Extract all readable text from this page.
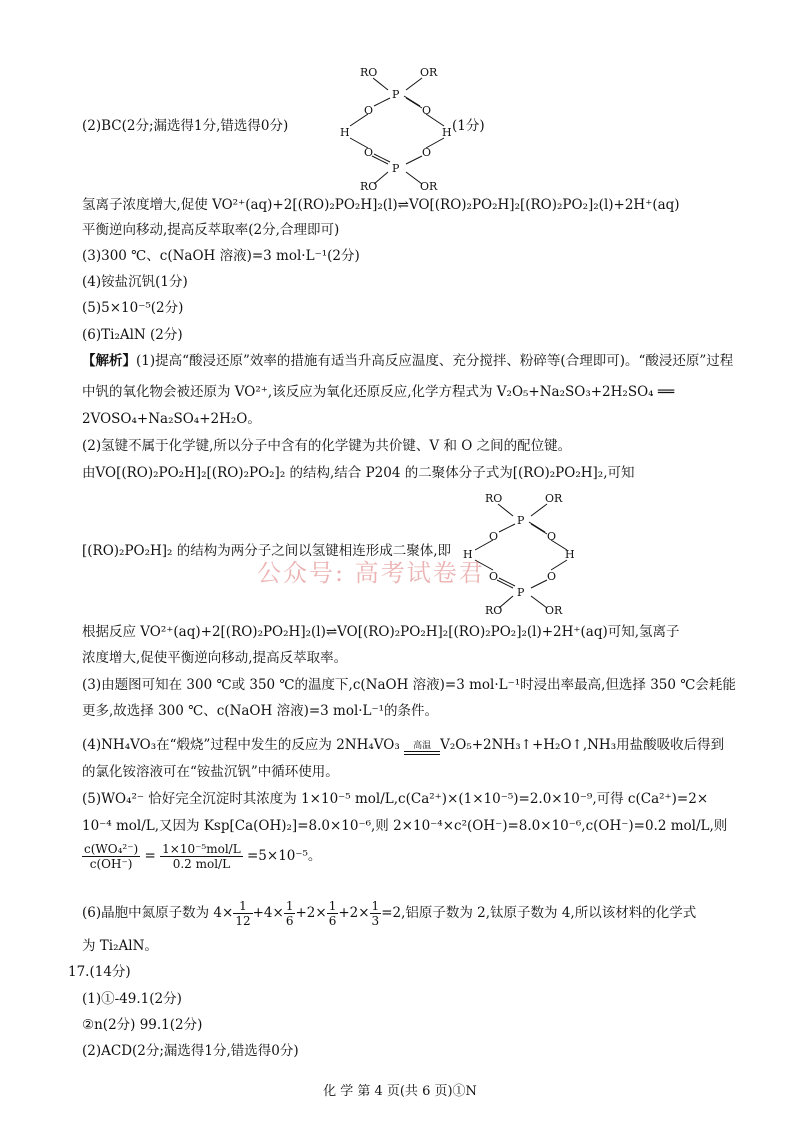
RO	OR
P
O	O
H	H
O	O
P
RO	OR
(2)BC(2分;漏选得1分,错选得0分)	(1分)
氢离子浓度增大,促使 VO²⁺(aq)+2[(RO)₂PO₂H]₂(l)⇌VO[(RO)₂PO₂H]₂[(RO)₂PO₂]₂(l)+2H⁺(aq)
平衡逆向移动,提高反萃取率(2分,合理即可)
(3)300 ℃、c(NaOH 溶液)=3 mol·L⁻¹(2分)
(4)铵盐沉钒(1分)
(5)5×10⁻⁵(2分)
(6)Ti₂AlN (2分)
【解析】(1)提高“酸浸还原”效率的措施有适当升高反应温度、充分搅拌、粉碎等(合理即可)。“酸浸还原”过程
中钒的氧化物会被还原为 VO²⁺,该反应为氧化还原反应,化学方程式为 V₂O₅+Na₂SO₃+2H₂SO₄ ══
2VOSO₄+Na₂SO₄+2H₂O。
(2)氢键不属于化学键,所以分子中含有的化学键为共价键、V 和 O 之间的配位键。
由VO[(RO)₂PO₂H]₂[(RO)₂PO₂]₂ 的结构,结合 P204 的二聚体分子式为[(RO)₂PO₂H]₂,可知
RO	OR
P
O	O
H	H
O	O
P
RO	OR
[(RO)₂PO₂H]₂ 的结构为两分子之间以氢键相连形成二聚体,即
公众号: 高考试卷君
根据反应 VO²⁺(aq)+2[(RO)₂PO₂H]₂(l)⇌VO[(RO)₂PO₂H]₂[(RO)₂PO₂]₂(l)+2H⁺(aq)可知,氢离子
浓度增大,促使平衡逆向移动,提高反萃取率。
(3)由题图可知在 300 ℃或 350 ℃的温度下,c(NaOH 溶液)=3 mol·L⁻¹时浸出率最高,但选择 350 ℃会耗能
更多,故选择 300 ℃、c(NaOH 溶液)=3 mol·L⁻¹的条件。
(4)NH₄VO₃在“煅烧”过程中发生的反应为 2NH₄VO₃	高温 V₂O₅+2NH₃↑+H₂O↑,NH₃用盐酸吸收后得到
的氯化铵溶液可在“铵盐沉钒”中循环使用。
(5)WO₄²⁻ 恰好完全沉淀时其浓度为 1×10⁻⁵ mol/L,c(Ca²⁺)×(1×10⁻⁵)=2.0×10⁻⁹,可得 c(Ca²⁺)=2×
10⁻⁴ mol/L,又因为 Ksp[Ca(OH)₂]=8.0×10⁻⁶,则 2×10⁻⁴×c²(OH⁻)=8.0×10⁻⁶,c(OH⁻)=0.2 mol/L,则
$\frac{\text{c(WO₄²⁻)}}{c(OH^-)} = \frac{\text{1×10⁻⁵mol/L}}{\text{0.2 mol/L}} =5\times 10^{-5}$。
(6)晶胞中氮原子数为 $4\times \frac{1}{12} +4\times \frac{1}{6} +2\times \frac{1}{6} +2\times \frac{1}{3} =2$,铝原子数为 2,钛原子数为 4,所以该材料的化学式
为 Ti₂AlN。
17.(14分)
(1)①-49.1(2分)
②n(2分) 99.1(2分)
(2)ACD(2分;漏选得1分,错选得0分)
化 学 第 4 页(共 6 页)①N
